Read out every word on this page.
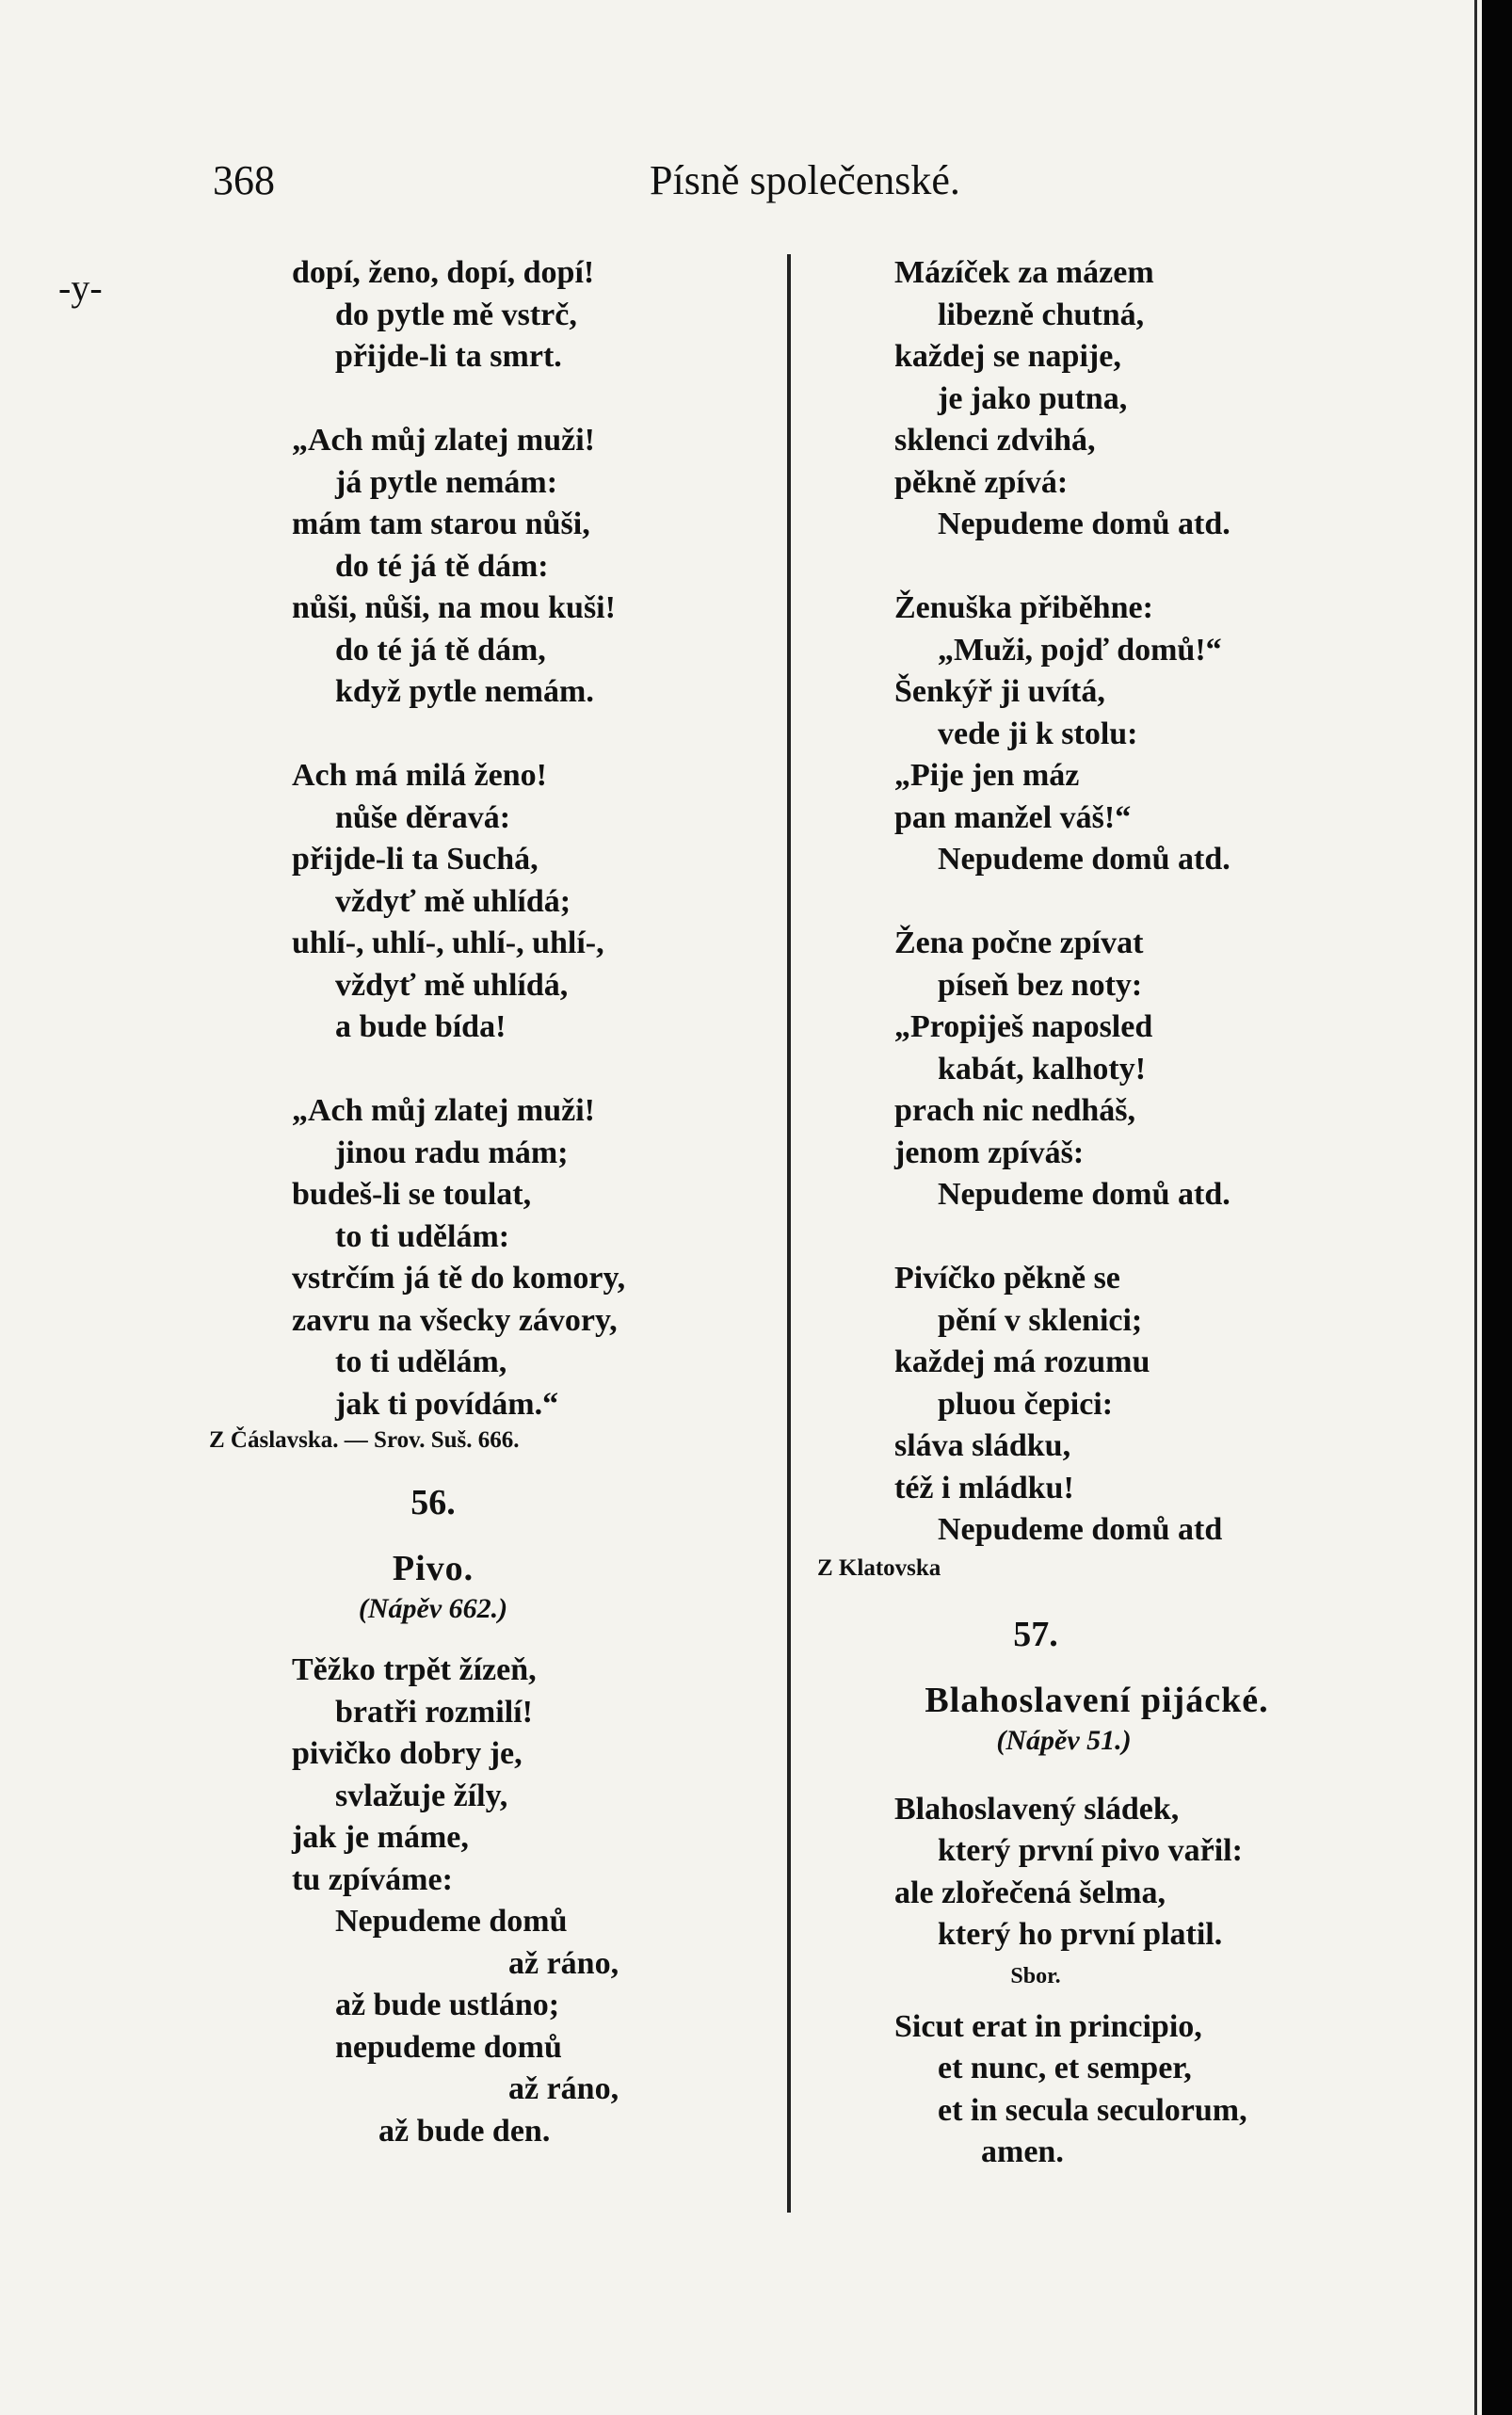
368	Písně společenské.
-y-	dopí, ženo, dopí, dopí!
do pytle mě vstrč,
přijde-li ta smrt.
„Ach můj zlatej muži!
já pytle nemám:
mám tam starou nůši,
do té já tě dám:
nůši, nůši, na mou kuši!
do té já tě dám,
když pytle nemám.
Ach má milá ženo!
nůše děravá:
přijde-li ta Suchá,
vždyť mě uhlídá;
uhlí-, uhlí-, uhlí-, uhlí-,
vždyť mě uhlídá,
a bude bída!
„Ach můj zlatej muži!
jinou radu mám;
budeš-li se toulat,
to ti udělám:
vstrčím já tě do komory,
zavru na všecky závory,
to ti udělám,
jak ti povídám.“
Z Čáslavska. — Srov. Suš. 666.
56.
Pivo.
(Nápěv 662.)
Těžko trpět žízeň,
bratři rozmilí!
pivičko dobry je,
svlažuje žíly,
jak je máme,
tu zpíváme:
Nepudeme domů
až ráno,
až bude ustláno;
nepudeme domů
až ráno,
až bude den.
Mázíček za mázem
libezně chutná,
každej se napije,
je jako putna,
sklenci zdvihá,
pěkně zpívá:
Nepudeme domů atd.
Ženuška přiběhne:
„Muži, pojď domů!“
Šenkýř ji uvítá,
vede ji k stolu:
„Pije jen máz
pan manžel váš!“
Nepudeme domů atd.
Žena počne zpívat
píseň bez noty:
„Propiješ naposled
kabát, kalhoty!
prach nic nedháš,
jenom zpíváš:
Nepudeme domů atd.
Pivíčko pěkně se
pění v sklenici;
každej má rozumu
pluou čepici:
sláva sládku,
též i mládku!
Nepudeme domů atd
Z Klatovska
57.
Blahoslavení pijácké.
(Nápěv 51.)
Blahoslavený sládek,
který první pivo vařil:
ale zlořečená šelma,
který ho první platil.
Sbor.
Sicut erat in principio,
et nunc, et semper,
et in secula seculorum,
amen.
